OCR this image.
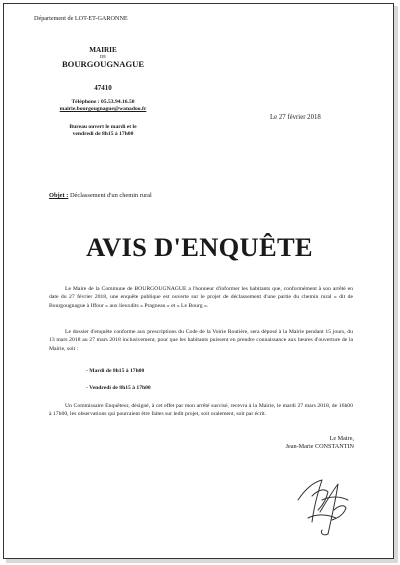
Département de LOT-ET-GARONNE
MAIRIE
DE
BOURGOUGNAGUE
47410
Téléphone : 05.53.94.16.50
mairie.bourgougnague@wanadoo.fr
Bureau ouvert le mardi et le
vendredi de 8h15 à 17h00
Le 27 février 2018
Objet : Déclassement d'un chemin rural
AVIS D'ENQUÊTE
Le Maire de la Commune de BOURGOUGNAGUE a l'honneur d'informer les habitants que, conformément à son arrêté en date du 27 février 2018, une enquête publique est ouverte sur le projet de déclassement d'une partie du chemin rural « dit de Bourgougnague à Iffour » aux lieuxdits « Pragneau » et « Le Bourg ».
Le dossier d'enquête conforme aux prescriptions du Code de la Voirie Routière, sera déposé à la Mairie pendant 15 jours, du 13 mars 2018 au 27 mars 2018 inclusivement, pour que les habitants puissent en prendre connaissance aux heures d'ouverture de la Mairie, soit :
- Mardi de 8h15 à 17h00
- Vendredi de 8h15 à 17h00
Un Commissaire Enquêteur, désigné, à cet effet par mon arrêté susvisé, recevra à la Mairie, le mardi 27 mars 2018, de 16h00 à 17h00, les observations qui pourraient être faites sur ledit projet, soit oralement, soit par écrit.
Le Maire,
Jean-Marie CONSTANTIN
